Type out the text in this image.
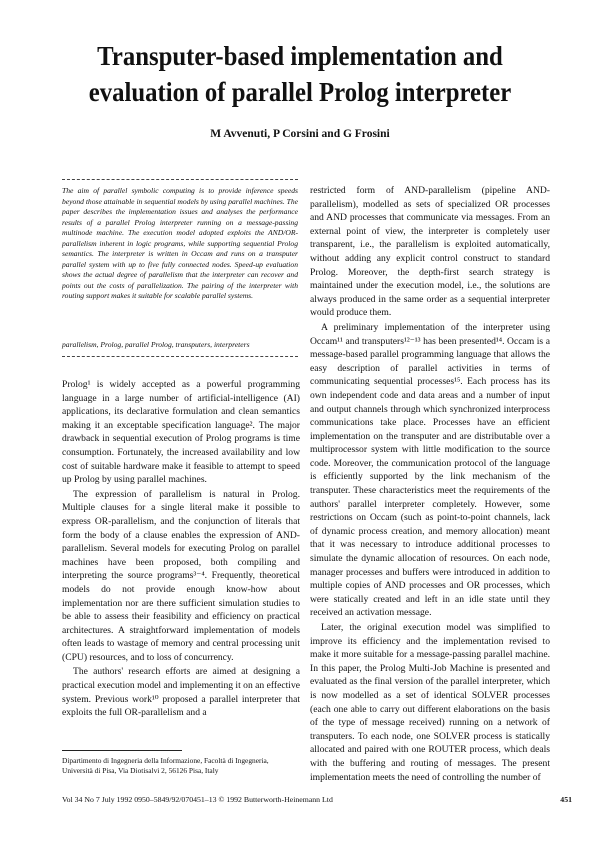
Transputer-based implementation and
evaluation of parallel Prolog interpreter
M Avvenuti, P Corsini and G Frosini
The aim of parallel symbolic computing is to provide inference speeds beyond those attainable in sequential models by using parallel machines. The paper describes the implementation issues and analyses the performance results of a parallel Prolog interpreter running on a message-passing multinode machine. The execution model adopted exploits the AND/OR-parallelism inherent in logic programs, while supporting sequential Prolog semantics. The interpreter is written in Occam and runs on a transputer parallel system with up to five fully connected nodes. Speed-up evaluation shows the actual degree of parallelism that the interpreter can recover and points out the costs of parallelization. The pairing of the interpreter with routing support makes it suitable for scalable parallel systems.
parallelism, Prolog, parallel Prolog, transputers, interpreters

Prolog¹ is widely accepted as a powerful programming language in a large number of artificial-intelligence (AI) applications, its declarative formulation and clean semantics making it an exceptable specification language². The major drawback in sequential execution of Prolog programs is time consumption. Fortunately, the increased availability and low cost of suitable hardware make it feasible to attempt to speed up Prolog by using parallel machines.

The expression of parallelism is natural in Prolog. Multiple clauses for a single literal make it possible to express OR-parallelism, and the conjunction of literals that form the body of a clause enables the expression of AND-parallelism. Several models for executing Prolog on parallel machines have been proposed, both compiling and interpreting the source programs³⁻⁴. Frequently, theoretical models do not provide enough know-how about implementation nor are there sufficient simulation studies to be able to assess their feasibility and efficiency on practical architectures. A straightforward implementation of models often leads to wastage of memory and central processing unit (CPU) resources, and to loss of concurrency.

The authors' research efforts are aimed at designing a practical execution model and implementing it on an effective system. Previous work¹⁰ proposed a parallel interpreter that exploits the full OR-parallelism and a

restricted form of AND-parallelism (pipeline AND-parallelism), modelled as sets of specialized OR processes and AND processes that communicate via messages. From an external point of view, the interpreter is completely user transparent, i.e., the parallelism is exploited automatically, without adding any explicit control construct to standard Prolog. Moreover, the depth-first search strategy is maintained under the execution model, i.e., the solutions are always produced in the same order as a sequential interpreter would produce them.

A preliminary implementation of the interpreter using Occam¹¹ and transputers¹²⁻¹³ has been presented¹⁴. Occam is a message-based parallel programming language that allows the easy description of parallel activities in terms of communicating sequential processes¹⁵. Each process has its own independent code and data areas and a number of input and output channels through which synchronized interprocess communications take place. Processes have an efficient implementation on the transputer and are distributable over a multiprocessor system with little modification to the source code. Moreover, the communication protocol of the language is efficiently supported by the link mechanism of the transputer. These characteristics meet the requirements of the authors' parallel interpreter completely. However, some restrictions on Occam (such as point-to-point channels, lack of dynamic process creation, and memory allocation) meant that it was necessary to introduce additional processes to simulate the dynamic allocation of resources. On each node, manager processes and buffers were introduced in addition to multiple copies of AND processes and OR processes, which were statically created and left in an idle state until they received an activation message.

Later, the original execution model was simplified to improve its efficiency and the implementation revised to make it more suitable for a message-passing parallel machine. In this paper, the Prolog Multi-Job Machine is presented and evaluated as the final version of the parallel interpreter, which is now modelled as a set of identical SOLVER processes (each one able to carry out different elaborations on the basis of the type of message received) running on a network of transputers. To each node, one SOLVER process is statically allocated and paired with one ROUTER process, which deals with the buffering and routing of messages. The present implementation meets the need of controlling the number of

Dipartimento di Ingegneria della Informazione, Facoltà di Ingegneria, Università di Pisa, Via Diotisalvi 2, 56126 Pisa, Italy
Vol 34 No 7 July 1992 0950–5849/92/070451–13 © 1992 Butterworth-Heinemann Ltd	451
